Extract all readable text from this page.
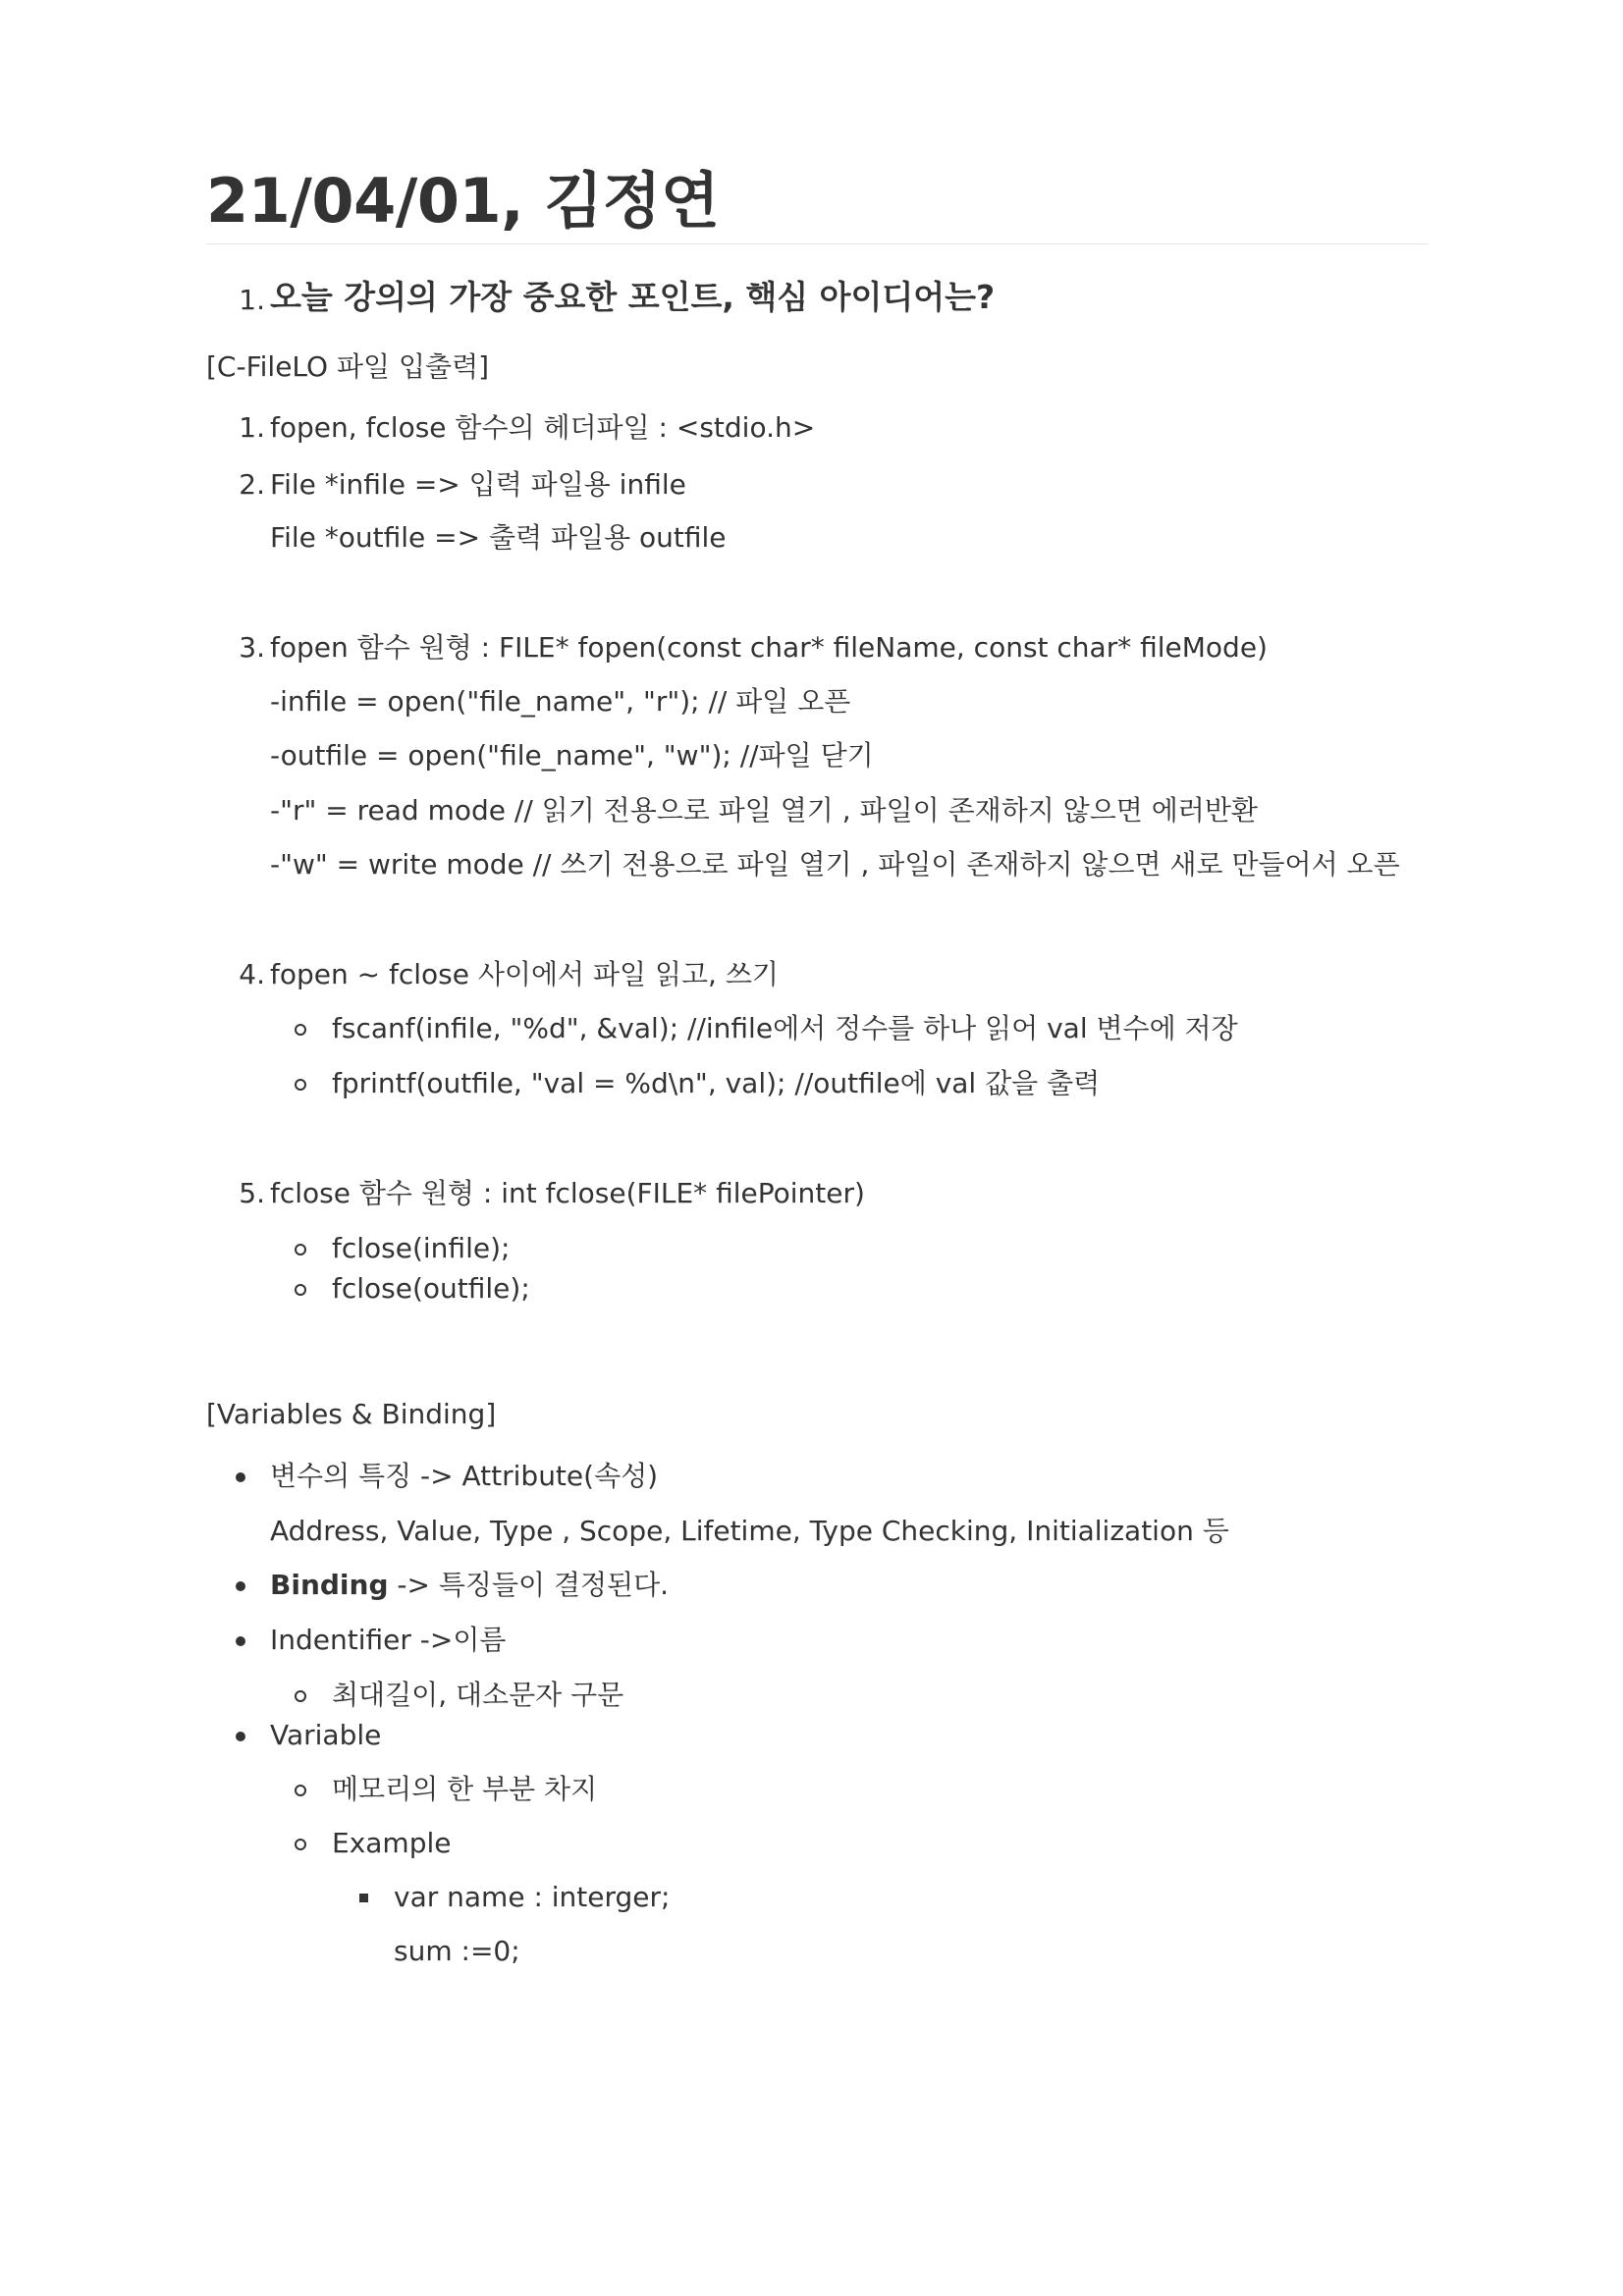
21/04/01, 김정연
1. 오늘 강의의 가장 중요한 포인트, 핵심 아이디어는?
[C-FileLO 파일 입출력]
1. fopen, fclose 함수의 헤더파일 : <stdio.h>
2. File *infile => 입력 파일용 infile
File *outfile => 출력 파일용 outfile
3. fopen 함수 원형 : FILE* fopen(const char* fileName, const char* fileMode)
-infile = open("file_name", "r"); // 파일 오픈
-outfile = open("file_name", "w"); //파일 닫기
-"r" = read mode // 읽기 전용으로 파일 열기 , 파일이 존재하지 않으면 에러반환
-"w" = write mode // 쓰기 전용으로 파일 열기 , 파일이 존재하지 않으면 새로 만들어서 오픈
4. fopen ~ fclose 사이에서 파일 읽고, 쓰기
fscanf(infile, "%d", &val); //infile에서 정수를 하나 읽어 val 변수에 저장
fprintf(outfile, "val = %d\n", val); //outfile에 val 값을 출력
5. fclose 함수 원형 : int fclose(FILE* filePointer)
fclose(infile);
fclose(outfile);
[Variables & Binding]
변수의 특징 -> Attribute(속성)
Address, Value, Type , Scope, Lifetime, Type Checking, Initialization 등
Binding -> 특징들이 결정된다.
Indentifier ->이름
최대길이, 대소문자 구문
Variable
메모리의 한 부분 차지
Example
var name : interger;
sum :=0;
